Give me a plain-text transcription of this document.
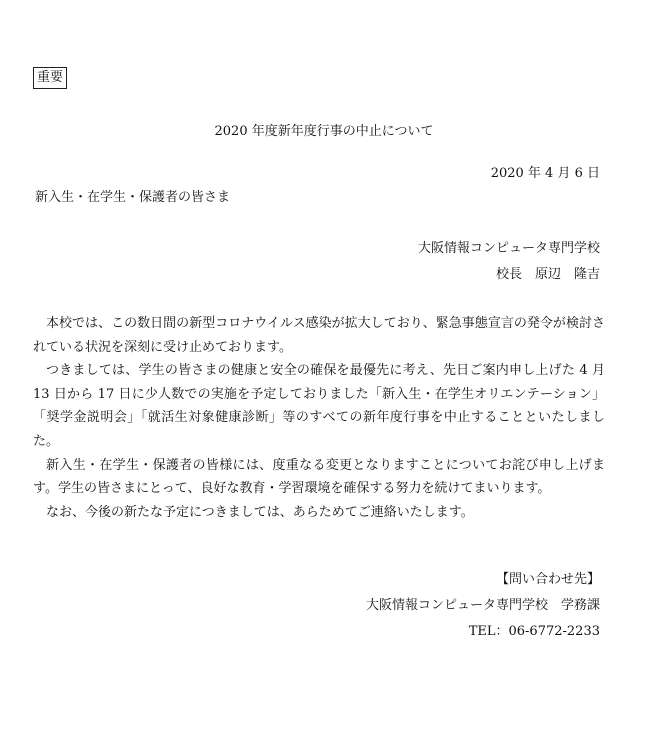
重要
2020 年度新年度行事の中止について
2020 年 4 月 6 日
新入生・在学生・保護者の皆さま
大阪情報コンピュータ専門学校
校長　原辺　隆吉

本校では、この数日間の新型コロナウイルス感染が拡大しており、緊急事態宣言の発令が検討されている状況を深刻に受け止めております。

つきましては、学生の皆さまの健康と安全の確保を最優先に考え、先日ご案内申し上げた 4 月 13 日から 17 日に少人数での実施を予定しておりました「新入生・在学生オリエンテーション」「奨学金説明会」「就活生対象健康診断」等のすべての新年度行事を中止することといたしました。

新入生・在学生・保護者の皆様には、度重なる変更となりますことについてお詫び申し上げます。学生の皆さまにとって、良好な教育・学習環境を確保する努力を続けてまいります。

なお、今後の新たな予定につきましては、あらためてご連絡いたします。

【問い合わせ先】
大阪情報コンピュータ専門学校　学務課
TEL：06-6772-2233
